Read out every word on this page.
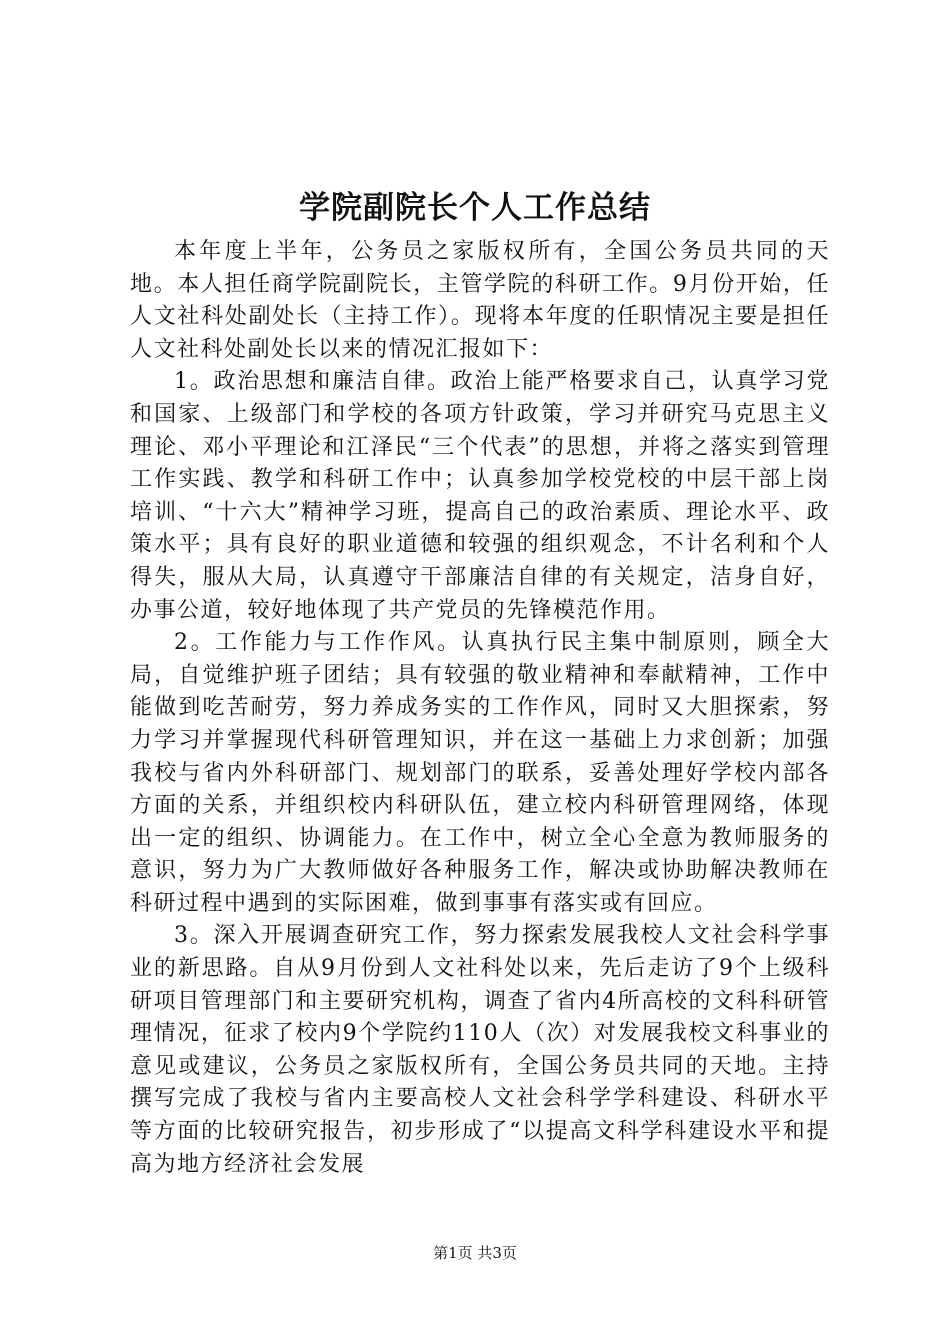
学院副院长个人工作总结

本年度上半年，公务员之家版权所有，全国公务员共同的天地。本人担任商学院副院长，主管学院的科研工作。9月份开始，任人文社科处副处长（主持工作）。现将本年度的任职情况主要是担任人文社科处副处长以来的情况汇报如下：

1。政治思想和廉洁自律。政治上能严格要求自己，认真学习党和国家、上级部门和学校的各项方针政策，学习并研究马克思主义理论、邓小平理论和江泽民“三个代表”的思想，并将之落实到管理工作实践、教学和科研工作中；认真参加学校党校的中层干部上岗培训、“十六大”精神学习班，提高自己的政治素质、理论水平、政策水平；具有良好的职业道德和较强的组织观念，不计名利和个人得失，服从大局，认真遵守干部廉洁自律的有关规定，洁身自好，办事公道，较好地体现了共产党员的先锋模范作用。

2。工作能力与工作作风。认真执行民主集中制原则，顾全大局，自觉维护班子团结；具有较强的敬业精神和奉献精神，工作中能做到吃苦耐劳，努力养成务实的工作作风，同时又大胆探索，努力学习并掌握现代科研管理知识，并在这一基础上力求创新；加强我校与省内外科研部门、规划部门的联系，妥善处理好学校内部各方面的关系，并组织校内科研队伍，建立校内科研管理网络，体现出一定的组织、协调能力。在工作中，树立全心全意为教师服务的意识，努力为广大教师做好各种服务工作，解决或协助解决教师在科研过程中遇到的实际困难，做到事事有落实或有回应。

3。深入开展调查研究工作，努力探索发展我校人文社会科学事业的新思路。自从9月份到人文社科处以来，先后走访了9个上级科研项目管理部门和主要研究机构，调查了省内4所高校的文科科研管理情况，征求了校内9个学院约110人（次）对发展我校文科事业的意见或建议，公务员之家版权所有，全国公务员共同的天地。主持撰写完成了我校与省内主要高校人文社会科学学科建设、科研水平等方面的比较研究报告，初步形成了“以提高文科学科建设水平和提高为地方经济社会发展

第1页 共3页
